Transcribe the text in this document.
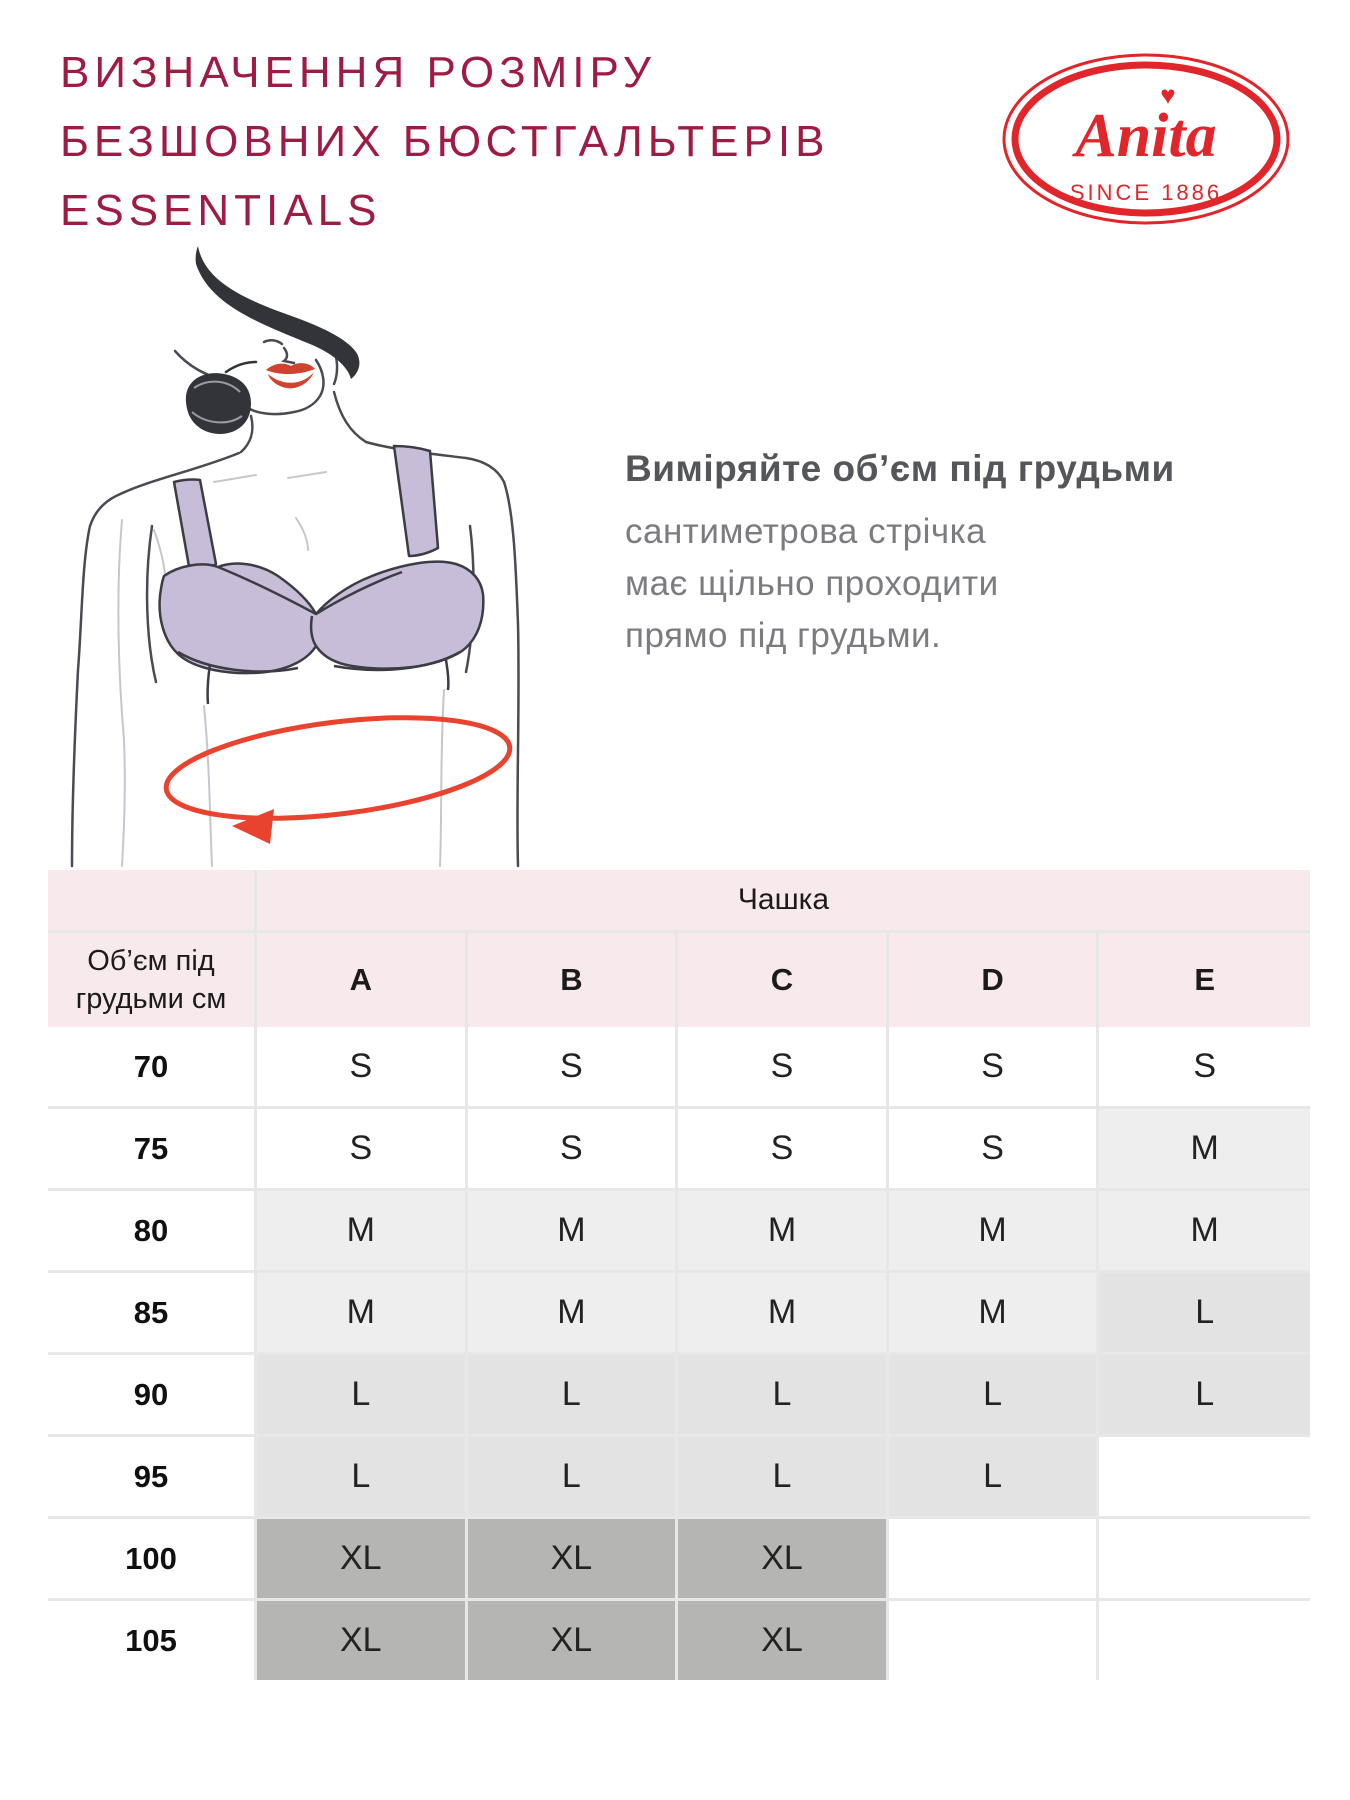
ВИЗНАЧЕННЯ РОЗМІРУ
БЕЗШОВНИХ БЮСТГАЛЬТЕРІВ
ESSENTIALS
Anita
♥
SINCE 1886

Виміряйте об’єм під грудьми

сантиметрова стрічка
має щільно проходити
прямо під грудьми.
	Чашка				
Об’єм під грудьми см	A	B	C	D	E
70	S	S	S	S	S
75	S	S	S	S	M
80	M	M	M	M	M
85	M	M	M	M	L
90	L	L	L	L	L
95	L	L	L	L	
100	XL	XL	XL		
105	XL	XL	XL		
